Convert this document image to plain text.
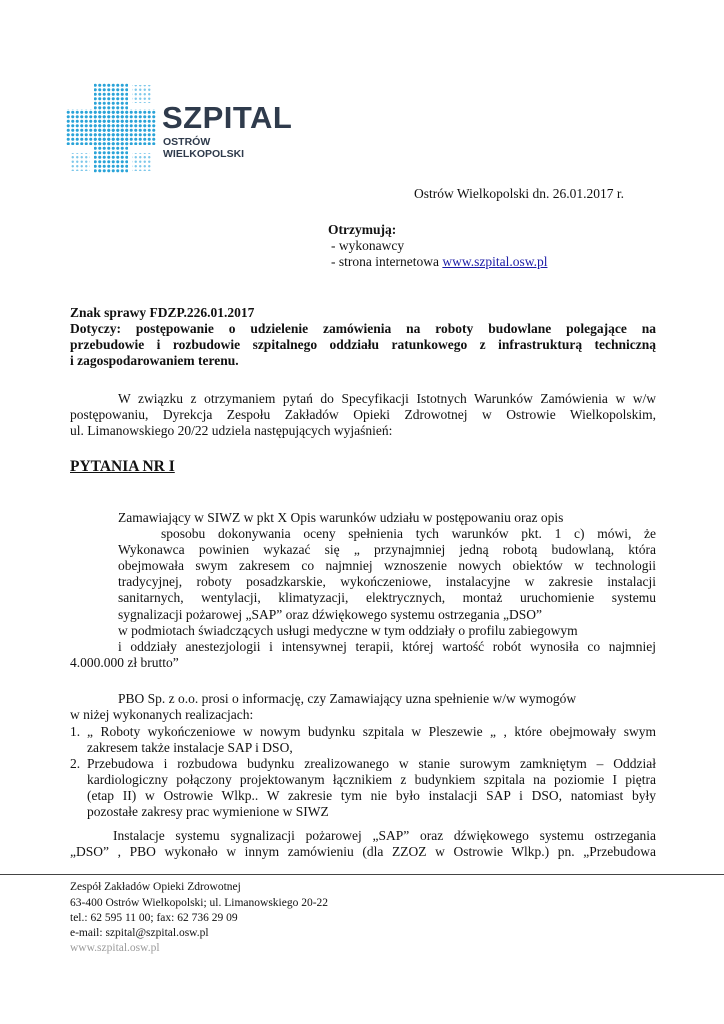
SZPITAL
OSTRÓW WIELKOPOLSKI
Ostrów Wielkopolski dn. 26.01.2017 r.
Otrzymują:
- wykonawcy
- strona internetowa www.szpital.osw.pl
Znak sprawy FDZP.226.01.2017
Dotyczy: postępowanie o udzielenie zamówienia na roboty budowlane polegające na
przebudowie i rozbudowie szpitalnego oddziału ratunkowego z infrastrukturą techniczną
i zagospodarowaniem terenu.
W związku z otrzymaniem pytań do Specyfikacji Istotnych Warunków Zamówienia w w/w
postępowaniu, Dyrekcja Zespołu Zakładów Opieki Zdrowotnej w Ostrowie Wielkopolskim,
ul. Limanowskiego 20/22 udziela następujących wyjaśnień:
PYTANIA NR I
Zamawiający w SIWZ w pkt X Opis warunków udziału w postępowaniu oraz opis
sposobu dokonywania oceny spełnienia tych warunków pkt. 1 c) mówi, że
Wykonawca powinien wykazać się „ przynajmniej jedną robotą budowlaną, która
obejmowała swym zakresem co najmniej wznoszenie nowych obiektów w technologii
tradycyjnej, roboty posadzkarskie, wykończeniowe, instalacyjne w zakresie instalacji
sanitarnych, wentylacji, klimatyzacji, elektrycznych, montaż uruchomienie systemu
sygnalizacji pożarowej „SAP” oraz dźwiękowego systemu ostrzegania „DSO”
w podmiotach świadczących usługi medyczne w tym oddziały o profilu zabiegowym
i oddziały anestezjologii i intensywnej terapii, której wartość robót wynosiła co najmniej
4.000.000 zł brutto”
PBO Sp. z o.o. prosi o informację, czy Zamawiający uzna spełnienie w/w wymogów
w niżej wykonanych realizacjach:
1. „ Roboty wykończeniowe w nowym budynku szpitala w Pleszewie „ , które obejmowały swym
zakresem także instalacje SAP i DSO,
2. Przebudowa i rozbudowa budynku zrealizowanego w stanie surowym zamkniętym – Oddział
kardiologiczny połączony projektowanym łącznikiem z budynkiem szpitala na poziomie I piętra
(etap II) w Ostrowie Wlkp.. W zakresie tym nie było instalacji SAP i DSO, natomiast były
pozostałe zakresy prac wymienione w SIWZ
Instalacje systemu sygnalizacji pożarowej „SAP” oraz dźwiękowego systemu ostrzegania
„DSO” , PBO wykonało w innym zamówieniu (dla ZZOZ w Ostrowie Wlkp.) pn. „Przebudowa
Zespół Zakładów Opieki Zdrowotnej
63-400 Ostrów Wielkopolski; ul. Limanowskiego 20-22
tel.: 62 595 11 00; fax: 62 736 29 09
e-mail: szpital@szpital.osw.pl
www.szpital.osw.pl
